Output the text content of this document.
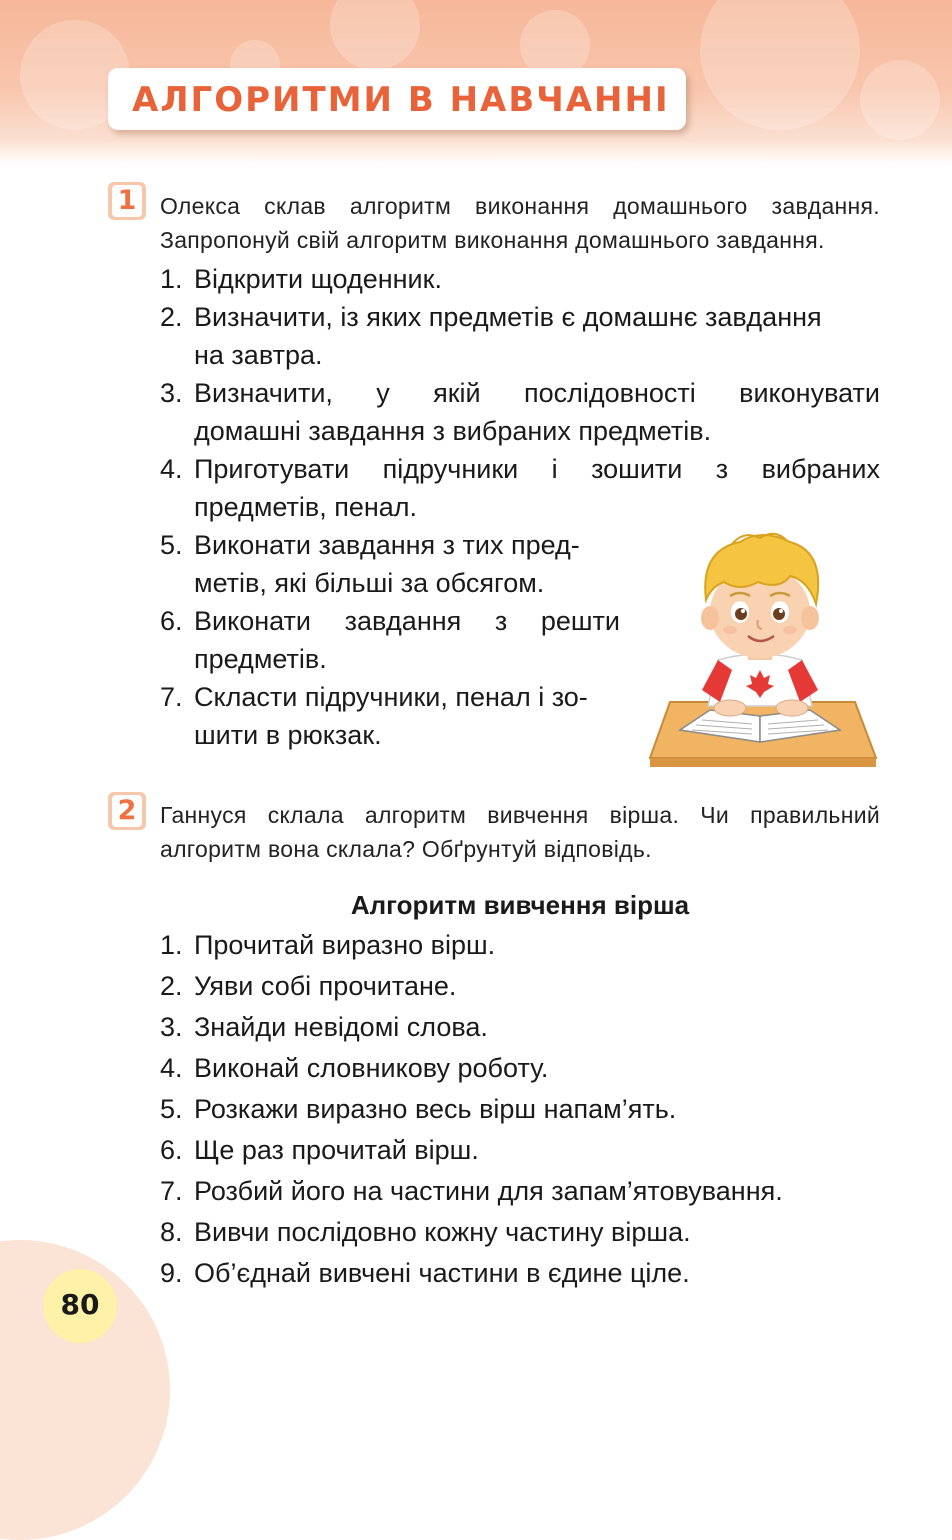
АЛГОРИТМИ В НАВЧАННІ
1 Олекса склав алгоритм виконання домашнього завдання.
Запропонуй свій алгоритм виконання домашнього завдання.
1. Відкрити щоденник.
2. Визначити, із яких предметів є домашнє завдання
на завтра.
3. Визначити, у якій послідовності виконувати
домашні завдання з вибраних предметів.
4. Приготувати підручники і зошити з вибраних
предметів, пенал.
5. Виконати завдання з тих пред-
метів, які більші за обсягом.
6. Виконати завдання з решти
предметів.
7. Скласти підручники, пенал і зо-
шити в рюкзак.
2 Ганнуся склала алгоритм вивчення вірша. Чи правильний
алгоритм вона склала? Обґрунтуй відповідь.
Алгоритм вивчення вірша
1. Прочитай виразно вірш.
2. Уяви собі прочитане.
3. Знайди невідомі слова.
4. Виконай словникову роботу.
5. Розкажи виразно весь вірш напам’ять.
6. Ще раз прочитай вірш.
7. Розбий його на частини для запам’ятовування.
8. Вивчи послідовно кожну частину вірша.
9. Об’єднай вивчені частини в єдине ціле.
80
